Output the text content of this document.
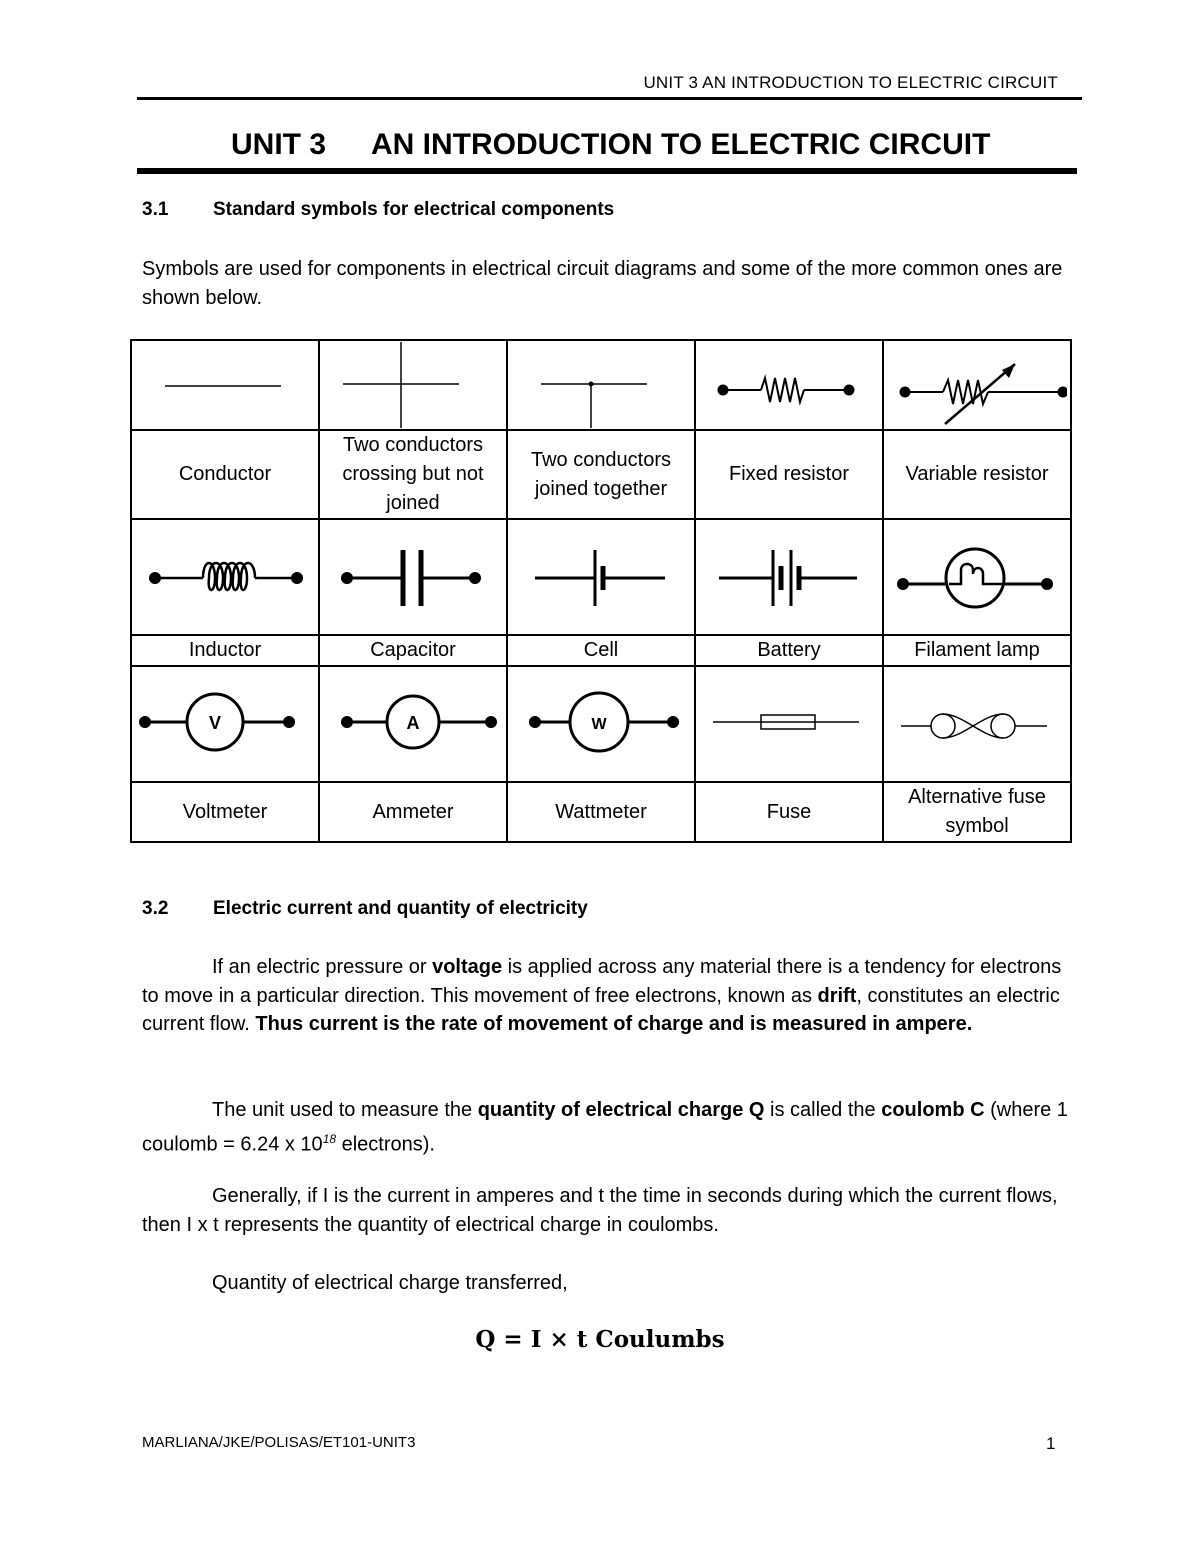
UNIT 3 AN INTRODUCTION TO ELECTRIC CIRCUIT
UNIT 3 AN INTRODUCTION TO ELECTRIC CIRCUIT
3.1 Standard symbols for electrical components
Symbols are used for components in electrical circuit diagrams and some of the more common ones are shown below.

Conductor	Two conductors crossing but not joined	Two conductors joined together	Fixed resistor	Variable resistor

Inductor	Capacitor	Cell	Battery	Filament lamp

V	A	W

Voltmeter	Ammeter	Wattmeter	Fuse	Alternative fuse symbol
3.2 Electric current and quantity of electricity
If an electric pressure or voltage is applied across any material there is a tendency for electrons to move in a particular direction. This movement of free electrons, known as drift, constitutes an electric current flow. Thus current is the rate of movement of charge and is measured in ampere.
The unit used to measure the quantity of electrical charge Q is called the coulomb C (where 1 coulomb = 6.24 x $10^{18}$ electrons).
Generally, if I is the current in amperes and t the time in seconds during which the current flows, then I x t represents the quantity of electrical charge in coulombs.
Quantity of electrical charge transferred,
Q = I × t Coulumbs
MARLIANA/JKE/POLISAS/ET101-UNIT3	1
